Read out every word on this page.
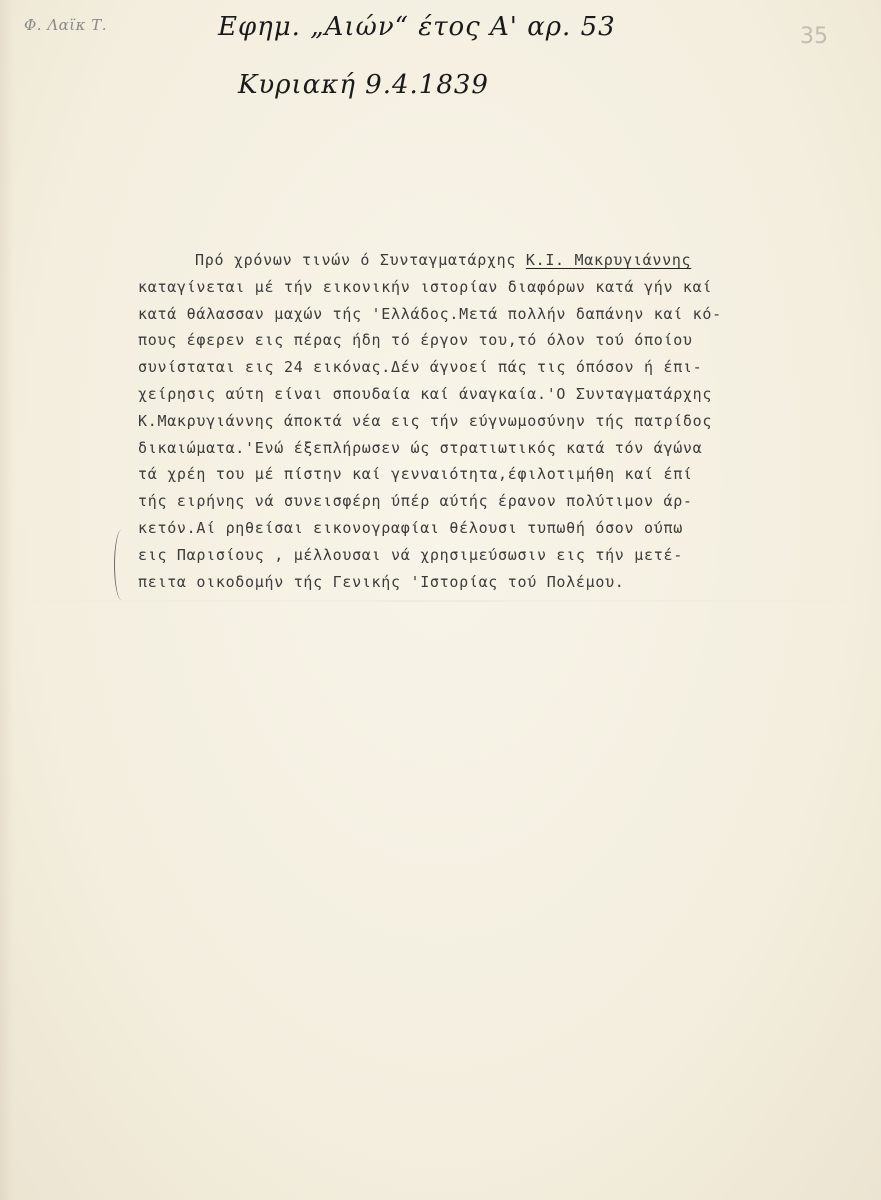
Φ. Λαϊκ Τ.	35
Εφημ. „Αιών“ έτος Α' αρ. 53
Κυριακή 9.4.1839
Πρό χρόνων τινών ό Συνταγματάρχης Κ.Ι. Μακρυγιάννης
καταγίνεται μέ τήν εικονικήν ιστορίαν διαφόρων κατά γήν καί
κατά θάλασσαν μαχών τής 'Ελλάδος.Μετά πολλήν δαπάνην καί κό-
πους έφερεν εις πέρας ήδη τό έργον του,τό όλον τού όποίου
συνίσταται εις 24 εικόνας.Δέν άγνοεί πάς τις όπόσον ή έπι-
χείρησις αύτη είναι σπουδαία καί άναγκαία.'Ο Συνταγματάρχης
Κ.Μακρυγιάννης άποκτά νέα εις τήν εύγνωμοσύνην τής πατρίδος
δικαιώματα.'Ενώ έξεπλήρωσεν ώς στρατιωτικός κατά τόν άγώνα
τά χρέη του μέ πίστην καί γενναιότητα,έφιλοτιμήθη καί έπί
τής ειρήνης νά συνεισφέρη ύπέρ αύτής έρανον πολύτιμον άρ-
κετόν.Αί ρηθείσαι εικονογραφίαι θέλουσι τυπωθή όσον ούπω
εις Παρισίους , μέλλουσαι νά χρησιμεύσωσιν εις τήν μετέ-
πειτα οικοδομήν τής Γενικής 'Ιστορίας τού Πολέμου.
